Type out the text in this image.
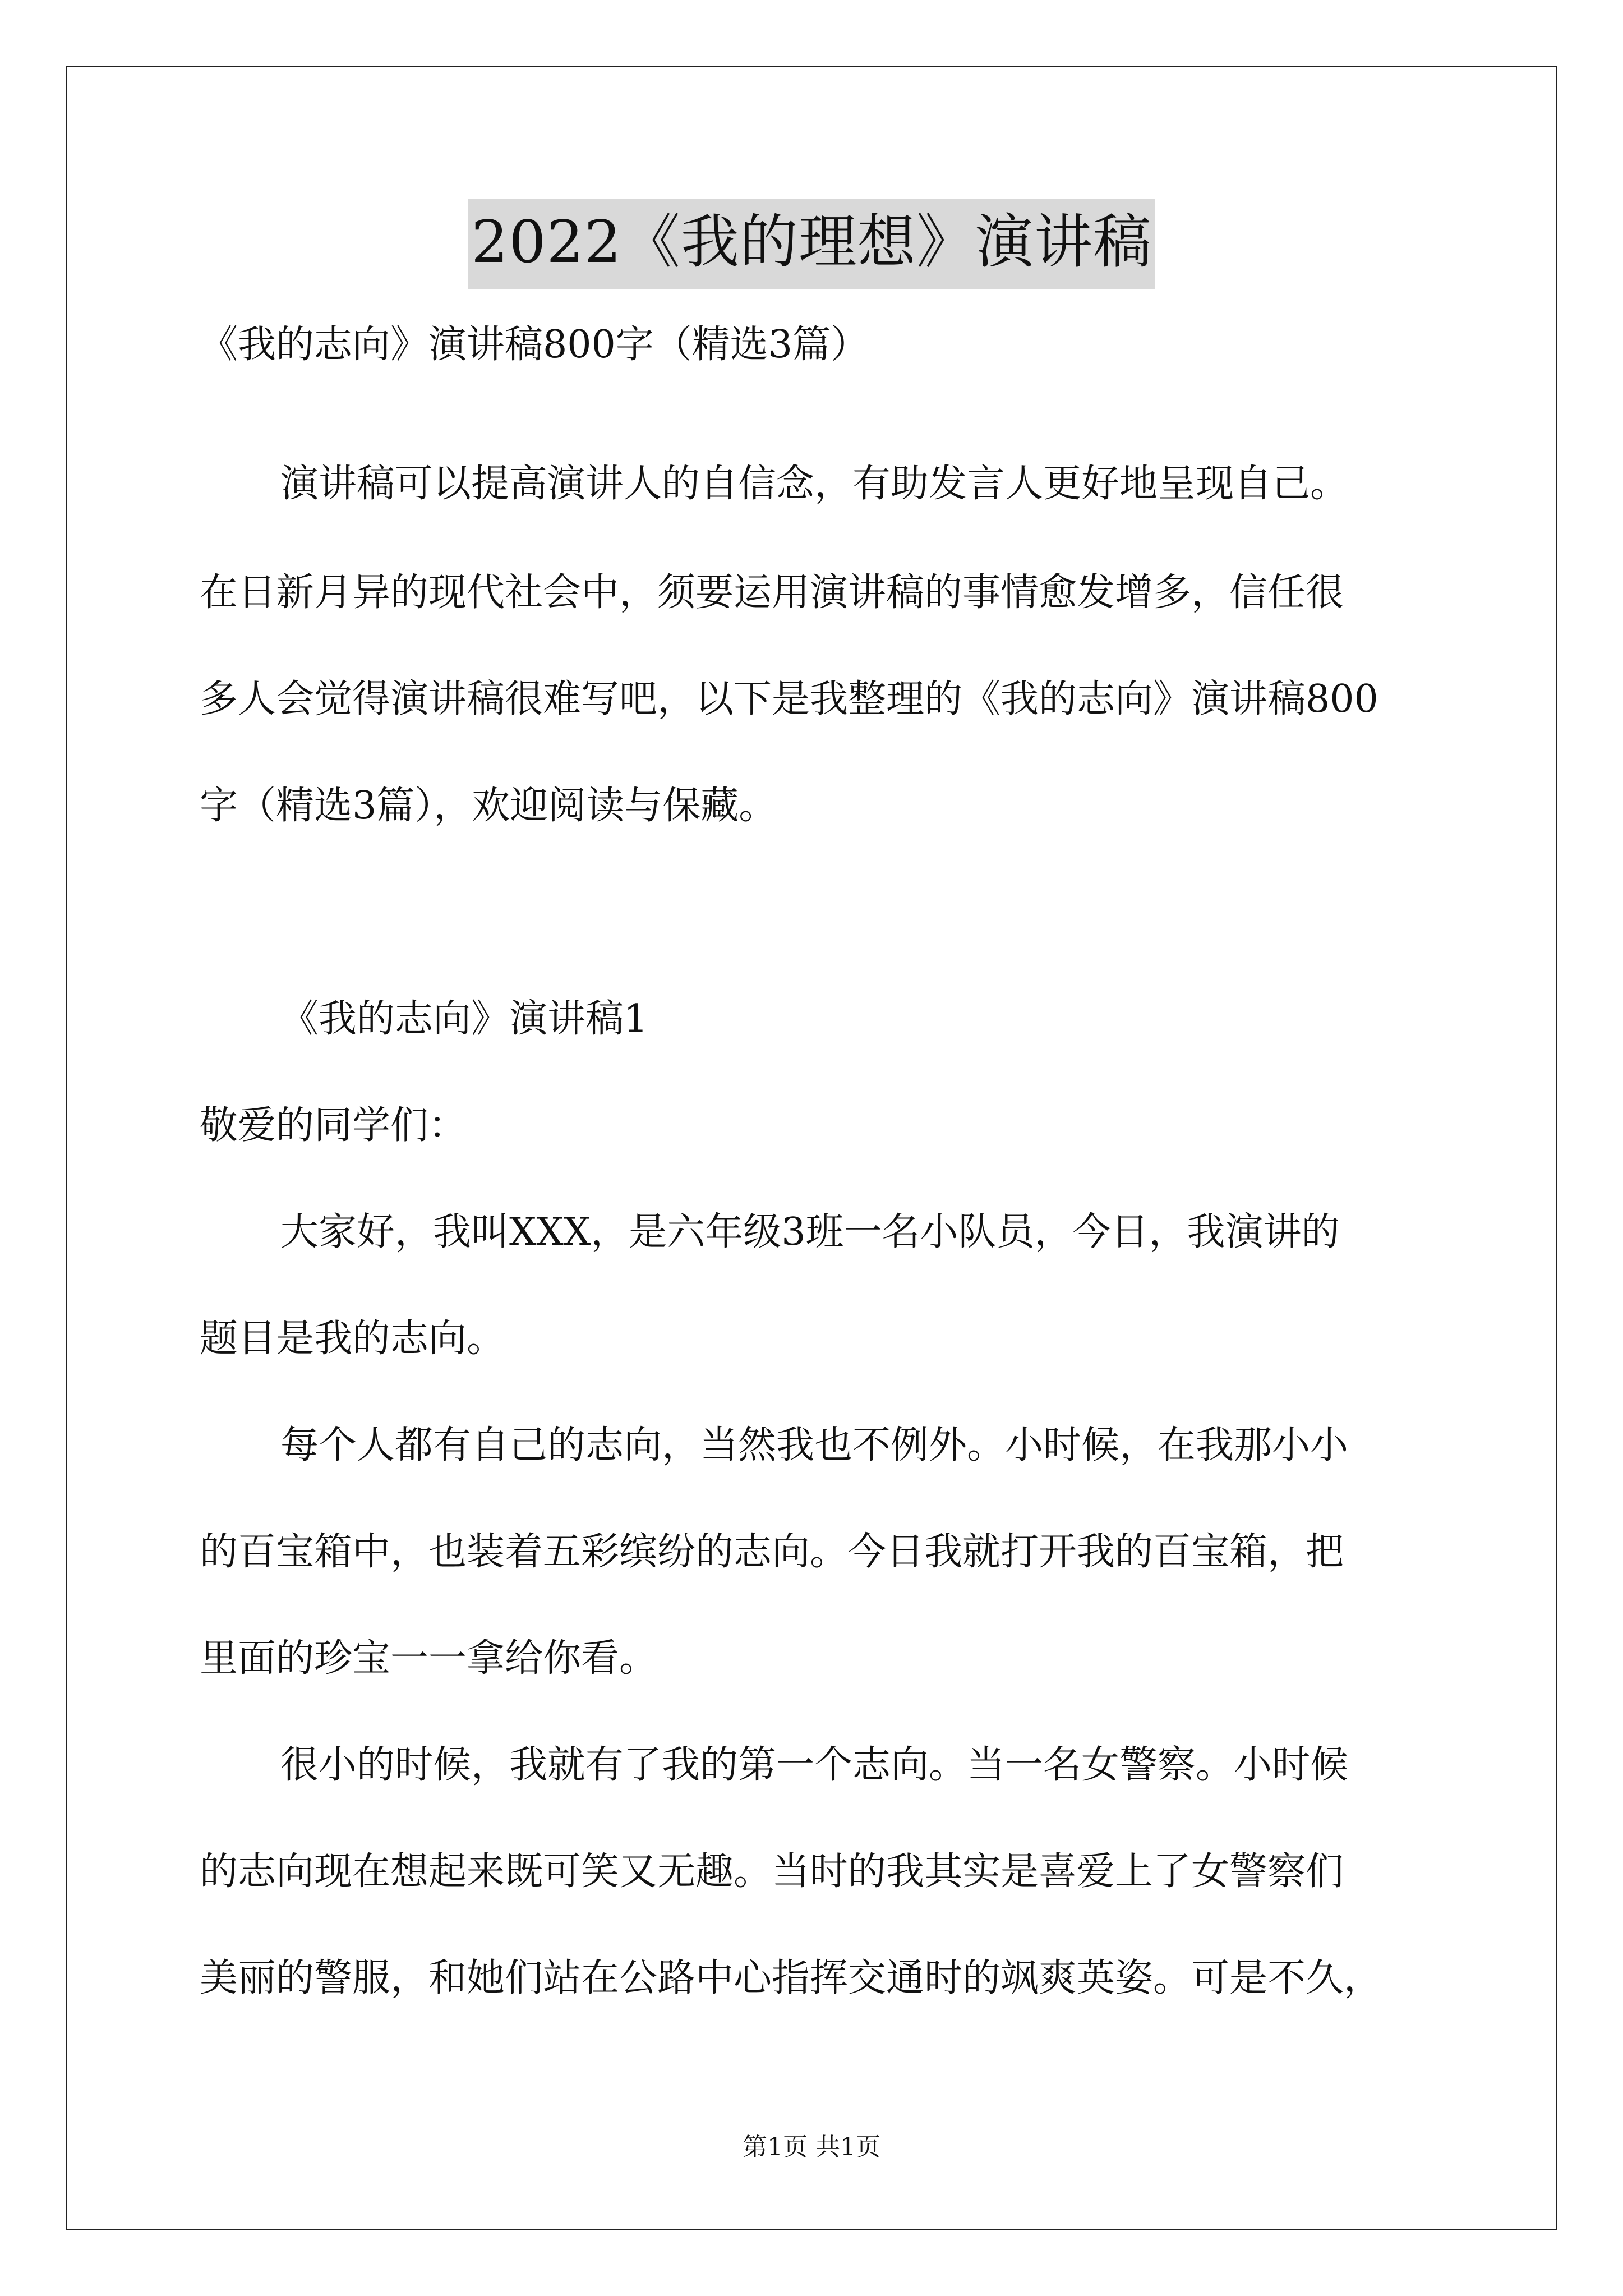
2022《我的理想》演讲稿
《我的志向》演讲稿800字（精选3篇）
演讲稿可以提高演讲人的自信念，有助发言人更好地呈现自己。
在日新月异的现代社会中，须要运用演讲稿的事情愈发增多，信任很
多人会觉得演讲稿很难写吧，以下是我整理的《我的志向》演讲稿800
字（精选3篇），欢迎阅读与保藏。
《我的志向》演讲稿1
敬爱的同学们：
大家好，我叫XXX，是六年级3班一名小队员，今日，我演讲的
题目是我的志向。
每个人都有自己的志向，当然我也不例外。小时候，在我那小小
的百宝箱中，也装着五彩缤纷的志向。今日我就打开我的百宝箱，把
里面的珍宝一一拿给你看。
很小的时候，我就有了我的第一个志向。当一名女警察。小时候
的志向现在想起来既可笑又无趣。当时的我其实是喜爱上了女警察们
美丽的警服，和她们站在公路中心指挥交通时的飒爽英姿。可是不久，
第1页 共1页
